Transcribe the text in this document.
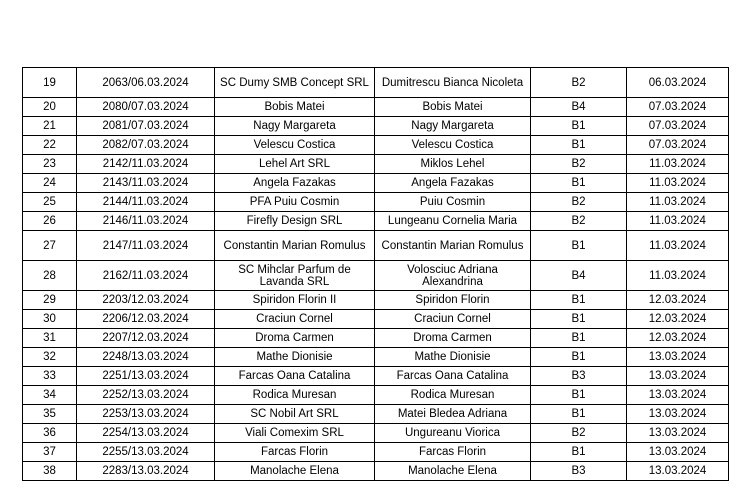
19	2063/06.03.2024	SC Dumy SMB Concept SRL	Dumitrescu Bianca Nicoleta	B2	06.03.2024
20	2080/07.03.2024	Bobis Matei	Bobis Matei	B4	07.03.2024
21	2081/07.03.2024	Nagy Margareta	Nagy Margareta	B1	07.03.2024
22	2082/07.03.2024	Velescu Costica	Velescu Costica	B1	07.03.2024
23	2142/11.03.2024	Lehel Art SRL	Miklos Lehel	B2	11.03.2024
24	2143/11.03.2024	Angela Fazakas	Angela Fazakas	B1	11.03.2024
25	2144/11.03.2024	PFA Puiu Cosmin	Puiu Cosmin	B2	11.03.2024
26	2146/11.03.2024	Firefly Design SRL	Lungeanu Cornelia Maria	B2	11.03.2024
27	2147/11.03.2024	Constantin Marian Romulus	Constantin Marian Romulus	B1	11.03.2024
28	2162/11.03.2024	SC Mihclar Parfum de Lavanda SRL	Volosciuc Adriana Alexandrina	B4	11.03.2024
29	2203/12.03.2024	Spiridon Florin II	Spiridon Florin	B1	12.03.2024
30	2206/12.03.2024	Craciun Cornel	Craciun Cornel	B1	12.03.2024
31	2207/12.03.2024	Droma Carmen	Droma Carmen	B1	12.03.2024
32	2248/13.03.2024	Mathe Dionisie	Mathe Dionisie	B1	13.03.2024
33	2251/13.03.2024	Farcas Oana Catalina	Farcas Oana Catalina	B3	13.03.2024
34	2252/13.03.2024	Rodica Muresan	Rodica Muresan	B1	13.03.2024
35	2253/13.03.2024	SC Nobil Art SRL	Matei Bledea Adriana	B1	13.03.2024
36	2254/13.03.2024	Viali Comexim SRL	Ungureanu Viorica	B2	13.03.2024
37	2255/13.03.2024	Farcas Florin	Farcas Florin	B1	13.03.2024
38	2283/13.03.2024	Manolache Elena	Manolache Elena	B3	13.03.2024
